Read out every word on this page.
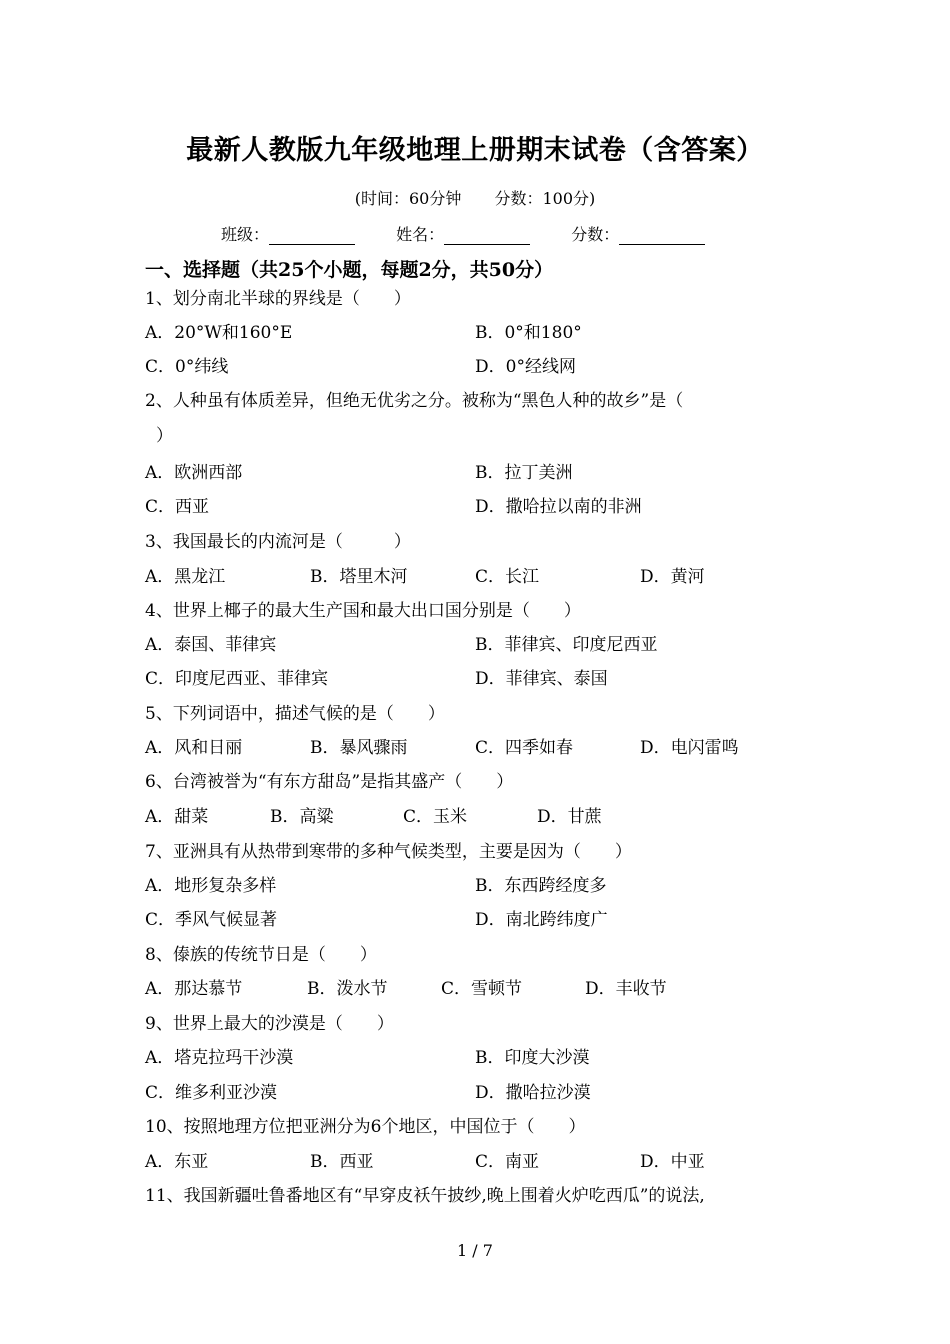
最新人教版九年级地理上册期末试卷（含答案）
(时间：60分钟 分数：100分)
班级：	姓名：	分数：
一、选择题（共25个小题，每题2分，共50分）
1、划分南北半球的界线是（　　）
A．20°W和160°E	B．0°和180°
C．0°纬线	D．0°经线网
2、人种虽有体质差异，但绝无优劣之分。被称为“黑色人种的故乡”是（
）
A．欧洲西部	B．拉丁美洲
C．西亚	D．撒哈拉以南的非洲
3、我国最长的内流河是（　　　）
A．黑龙江	B．塔里木河	C．长江	D．黄河
4、世界上椰子的最大生产国和最大出口国分别是（　　）
A．泰国、菲律宾	B．菲律宾、印度尼西亚
C．印度尼西亚、菲律宾	D．菲律宾、泰国
5、下列词语中，描述气候的是（　　）
A．风和日丽	B．暴风骤雨	C．四季如春	D．电闪雷鸣
6、台湾被誉为“有东方甜岛”是指其盛产（　　）
A．甜菜	B．高粱	C．玉米	D．甘蔗
7、亚洲具有从热带到寒带的多种气候类型，主要是因为（　　）
A．地形复杂多样	B．东西跨经度多
C．季风气候显著	D．南北跨纬度广
8、傣族的传统节日是（　　）
A．那达慕节	B．泼水节	C．雪顿节	D．丰收节
9、世界上最大的沙漠是（　　）
A．塔克拉玛干沙漠	B．印度大沙漠
C．维多利亚沙漠	D．撒哈拉沙漠
10、按照地理方位把亚洲分为6个地区，中国位于（　　）
A．东亚	B．西亚	C．南亚	D．中亚
11、我国新疆吐鲁番地区有“早穿皮袄午披纱,晚上围着火炉吃西瓜”的说法,
1 / 7
